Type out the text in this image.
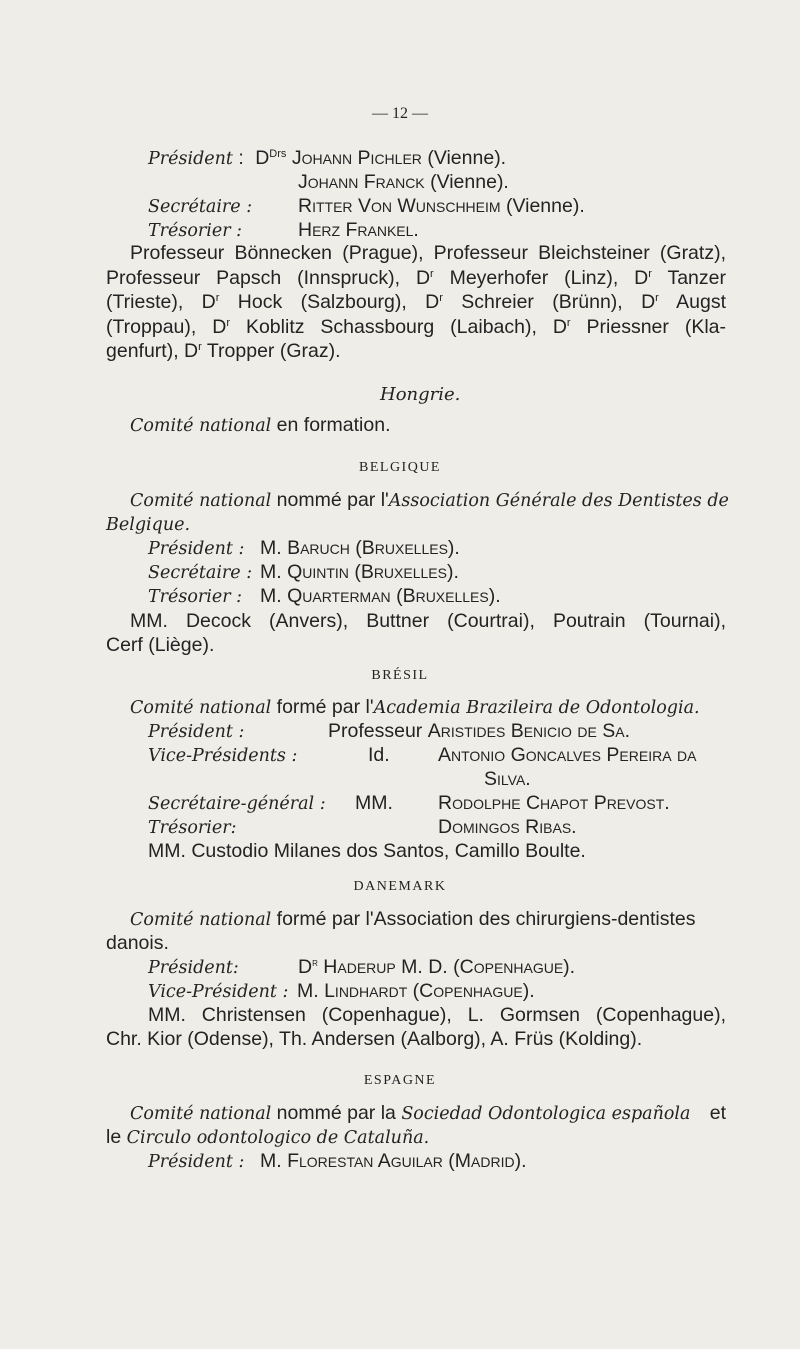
— 12 —
Président : $D^{Drs}$ Johann Pichler (Vienne).
Johann Franck (Vienne).
Secrétaire : Ritter Von Wunschheim (Vienne).
Trésorier :	Herz Frankel.
Professeur Bönnecken (Prague), Professeur Bleichsteiner (Gratz),
Professeur Papsch (Innspruck), $D^r$ Meyerhofer (Linz), $D^r$ Tanzer
(Trieste), $D^r$ Hock (Salzbourg), $D^r$ Schreier (Brünn), $D^r$ Augst
(Troppau), $D^r$ Koblitz Schassbourg (Laibach), $D^r$ Priessner (Kla-
genfurt), $D^r$ Tropper (Graz).
Hongrie.
Comité national en formation.
BELGIQUE
Comité national nommé par l'Association Générale des Dentistes de
Belgique.
Président : M. Baruch (Bruxelles).
Secrétaire : M. Quintin (Bruxelles).
Trésorier : M. Quarterman (Bruxelles).
MM. Decock (Anvers), Buttner (Courtrai), Poutrain (Tournai),
Cerf (Liège).
BRÉSIL
Comité national formé par l'Academia Brazileira de Odontologia.
Président :	Professeur Aristides Benicio de Sa.
Vice-Présidents :	Id. Antonio Goncalves Pereira da
Silva.
Secrétaire-général : MM. Rodolphe Chapot Prevost.
Trésorier:	Domingos Ribas.
MM. Custodio Milanes dos Santos, Camillo Boulte.
DANEMARK
Comité national formé par l'Association des chirurgiens-dentistes
danois.
Président:	$D^r$ Haderup M. D. (Copenhague).
Vice-Président : M. Lindhardt (Copenhague).
MM. Christensen (Copenhague), L. Gormsen (Copenhague),
Chr. Kior (Odense), Th. Andersen (Aalborg), A. Früs (Kolding).
ESPAGNE
Comité national nommé par la Sociedad Odontologica española et
le Circulo odontologico de Cataluña.
Président : M. Florestan Aguilar (Madrid).
